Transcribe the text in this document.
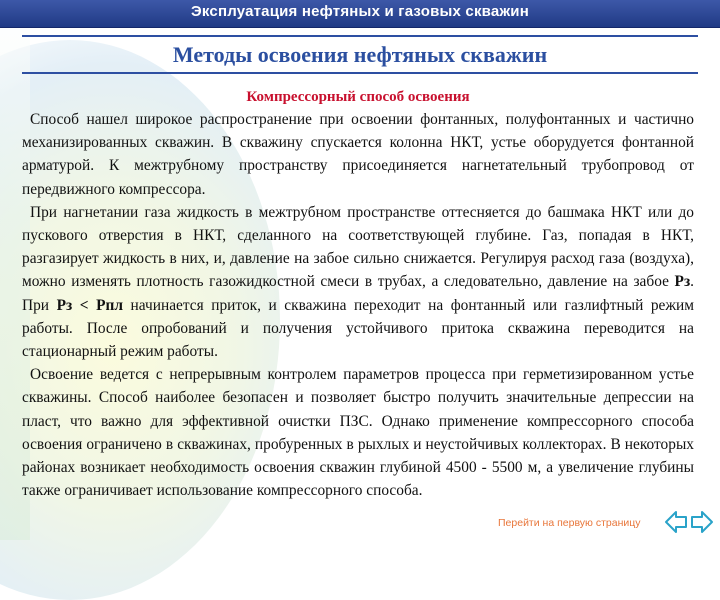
Эксплуатация нефтяных и газовых скважин
Методы освоения нефтяных скважин
Компрессорный способ освоения

Способ нашел широкое распространение при освоении фонтанных, полуфонтанных и частично механизированных скважин. В скважину спускается колонна НКТ, устье оборудуется фонтанной арматурой. К межтрубному пространству присоединяется нагнетательный трубопровод от передвижного компрессора.

При нагнетании газа жидкость в межтрубном пространстве оттесняется до башмака НКТ или до пускового отверстия в НКТ, сделанного на соответствующей глубине. Газ, попадая в НКТ, разгазирует жидкость в них, и, давление на забое сильно снижается. Регулируя расход газа (воздуха), можно изменять плотность газожидкостной смеси в трубах, а следовательно, давление на забое Рз. При Рз < Рпл начинается приток, и скважина переходит на фонтанный или газлифтный режим работы. После опробований и получения устойчивого притока скважина переводится на стационарный режим работы.

Освоение ведется с непрерывным контролем параметров процесса при герметизированном устье скважины. Способ наиболее безопасен и позволяет быстро получить значительные депрессии на пласт, что важно для эффективной очистки ПЗС. Однако применение компрессорного способа освоения ограничено в скважинах, пробуренных в рыхлых и неустойчивых коллекторах. В некоторых районах возникает необходимость освоения скважин глубиной 4500 - 5500 м, а увеличение глубины также ограничивает использование компрессорного способа.

Перейти на первую страницу
